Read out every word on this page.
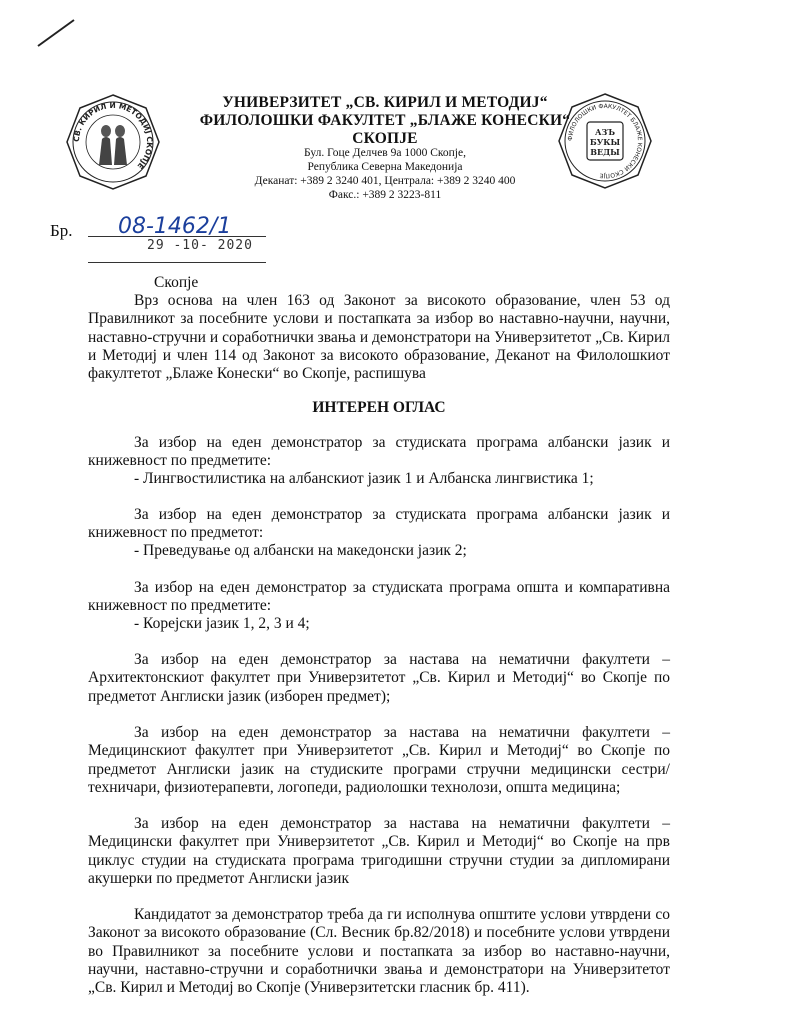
СВ. КИРИЛ И МЕТОДИЈ СКОПЈЕ
ФИЛОЛОШКИ ФАКУЛТЕТ БЛАЖЕ КОНЕСКИ СКОПЈЕ
АЗЪ
БУКЫ
ВЕДЫ
УНИВЕРЗИТЕТ „СВ. КИРИЛ И МЕТОДИЈ“
ФИЛОЛОШКИ ФАКУЛТЕТ „БЛАЖЕ КОНЕСКИ“
СКОПЈЕ
Бул. Гоце Делчев 9а 1000 Скопје,
Република Северна Македонија
Деканат: +389 2 3240 401, Централа: +389 2 3240 400
Факс.: +389 2 3223-811
Бр. 08-1462/1
29 -10- 2020
Скопје
Врз основа на член 163 од Законот за високото образование, член 53 од Правилникот за посебните услови и постапката за избор во наставно-научни, научни, наставно-стручни и соработнички звања и демонстратори на Универзитетот „Св. Кирил и Методиј и член 114 од Законот за високото образование, Деканот на Филолошкиот факултетот „Блаже Конески“ во Скопје, распишува
ИНТЕРЕН ОГЛАС
За избор на еден демонстратор за студиската програма албански јазик и книжевност по предметите:
- Лингвостилистика на албанскиот јазик 1 и Албанска лингвистика 1;
За избор на еден демонстратор за студиската програма албански јазик и книжевност по предметот:
- Преведување од албански на македонски јазик 2;
За избор на еден демонстратор за студиската програма општа и компаративна книжевност по предметите:
- Корејски јазик 1, 2, 3 и 4;
За избор на еден демонстратор за настава на нематични факултети – Архитектонскиот факултет при Универзитетот „Св. Кирил и Методиј“ во Скопје по предметот Англиски јазик (изборен предмет);
За избор на еден демонстратор за настава на нематични факултети – Медицинскиот факултет при Универзитетот „Св. Кирил и Методиј“ во Скопје по предметот Англиски јазик на студиските програми стручни медицински сестри/техничари, физиотерапевти, логопеди, радиолошки технолози, општа медицина;
За избор на еден демонстратор за настава на нематични факултети – Медицински факултет при Универзитетот „Св. Кирил и Методиј“ во Скопје на прв циклус студии на студиската програма тригодишни стручни студии за дипломирани акушерки по предметот Англиски јазик
Кандидатот за демонстратор треба да ги исполнува општите услови утврдени со Законот за високото образование (Сл. Весник бр.82/2018) и посебните услови утврдени во Правилникот за посебните услови и постапката за избор во наставно-научни, научни, наставно-стручни и соработнички звања и демонстратори на Универзитетот „Св. Кирил и Методиј во Скопје (Универзитетски гласник бр. 411).
